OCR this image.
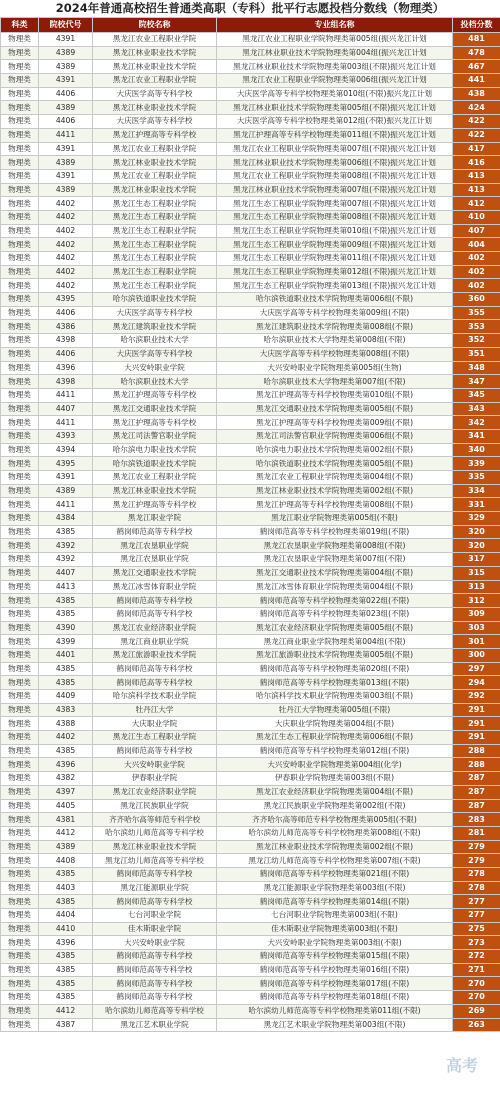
2024年普通高校招生普通类高职（专科）批平行志愿投档分数线（物理类）
科类	院校代号	院校名称	专业组名称	投档分数
物理类	4391	黑龙江农业工程职业学院	黑龙江农业工程职业学院物理类第005组(振兴龙江计划	481
物理类	4389	黑龙江林业职业技术学院	黑龙江林业职业技术学院物理类第004组(振兴龙江计划	478
物理类	4389	黑龙江林业职业技术学院	黑龙江林业职业技术学院物理类第003组(不限)振兴龙江计划	467
物理类	4391	黑龙江农业工程职业学院	黑龙江农业工程职业学院物理类第006组(振兴龙江计划	441
物理类	4406	大庆医学高等专科学校	大庆医学高等专科学校物理类第010组(不限)振兴龙江计划	438
物理类	4389	黑龙江林业职业技术学院	黑龙江林业职业技术学院物理类第005组(不限)振兴龙江计划	424
物理类	4406	大庆医学高等专科学校	大庆医学高等专科学校物理类第012组(不限)振兴龙江计划	422
物理类	4411	黑龙江护理高等专科学校	黑龙江护理高等专科学校物理类第011组(不限)振兴龙江计划	422
物理类	4391	黑龙江农业工程职业学院	黑龙江农业工程职业学院物理类第007组(不限)振兴龙江计划	417
物理类	4389	黑龙江林业职业技术学院	黑龙江林业职业技术学院物理类第006组(不限)振兴龙江计划	416
物理类	4391	黑龙江农业工程职业学院	黑龙江农业工程职业学院物理类第008组(不限)振兴龙江计划	413
物理类	4389	黑龙江林业职业技术学院	黑龙江林业职业技术学院物理类第007组(不限)振兴龙江计划	413
物理类	4402	黑龙江生态工程职业学院	黑龙江生态工程职业学院物理类第007组(不限)振兴龙江计划	412
物理类	4402	黑龙江生态工程职业学院	黑龙江生态工程职业学院物理类第008组(不限)振兴龙江计划	410
物理类	4402	黑龙江生态工程职业学院	黑龙江生态工程职业学院物理类第010组(不限)振兴龙江计划	407
物理类	4402	黑龙江生态工程职业学院	黑龙江生态工程职业学院物理类第009组(不限)振兴龙江计划	404
物理类	4402	黑龙江生态工程职业学院	黑龙江生态工程职业学院物理类第011组(不限)振兴龙江计划	402
物理类	4402	黑龙江生态工程职业学院	黑龙江生态工程职业学院物理类第012组(不限)振兴龙江计划	402
物理类	4402	黑龙江生态工程职业学院	黑龙江生态工程职业学院物理类第013组(不限)振兴龙江计划	402
物理类	4395	哈尔滨铁道职业技术学院	哈尔滨铁道职业技术学院物理类第006组(不限)	360
物理类	4406	大庆医学高等专科学校	大庆医学高等专科学校物理类第009组(不限)	355
物理类	4386	黑龙江建筑职业技术学院	黑龙江建筑职业技术学院物理类第008组(不限)	353
物理类	4398	哈尔滨职业技术大学	哈尔滨职业技术大学物理类第008组(不限)	352
物理类	4406	大庆医学高等专科学校	大庆医学高等专科学校物理类第008组(不限)	351
物理类	4396	大兴安岭职业学院	大兴安岭职业学院物理类第005组(生物)	348
物理类	4398	哈尔滨职业技术大学	哈尔滨职业技术大学物理类第007组(不限)	347
物理类	4411	黑龙江护理高等专科学校	黑龙江护理高等专科学校物理类第010组(不限)	345
物理类	4407	黑龙江交通职业技术学院	黑龙江交通职业技术学院物理类第005组(不限)	343
物理类	4411	黑龙江护理高等专科学校	黑龙江护理高等专科学校物理类第009组(不限)	342
物理类	4393	黑龙江司法警官职业学院	黑龙江司法警官职业学院物理类第006组(不限)	341
物理类	4394	哈尔滨电力职业技术学院	哈尔滨电力职业技术学院物理类第002组(不限)	340
物理类	4395	哈尔滨铁道职业技术学院	哈尔滨铁道职业技术学院物理类第005组(不限)	339
物理类	4391	黑龙江农业工程职业学院	黑龙江农业工程职业学院物理类第004组(不限)	335
物理类	4389	黑龙江林业职业技术学院	黑龙江林业职业技术学院物理类第002组(不限)	334
物理类	4411	黑龙江护理高等专科学校	黑龙江护理高等专科学校物理类第008组(不限)	331
物理类	4384	黑龙江职业学院	黑龙江职业学院物理类第005组(不限)	329
物理类	4385	鹤岗师范高等专科学校	鹤岗师范高等专科学校物理类第019组(不限)	320
物理类	4392	黑龙江农垦职业学院	黑龙江农垦职业学院物理类第008组(不限)	320
物理类	4392	黑龙江农垦职业学院	黑龙江农垦职业学院物理类第007组(不限)	317
物理类	4407	黑龙江交通职业技术学院	黑龙江交通职业技术学院物理类第004组(不限)	315
物理类	4413	黑龙江冰雪体育职业学院	黑龙江冰雪体育职业学院物理类第004组(不限)	313
物理类	4385	鹤岗师范高等专科学校	鹤岗师范高等专科学校物理类第022组(不限)	312
物理类	4385	鹤岗师范高等专科学校	鹤岗师范高等专科学校物理类第023组(不限)	309
物理类	4390	黑龙江农业经济职业学院	黑龙江农业经济职业学院物理类第005组(不限)	303
物理类	4399	黑龙江商业职业学院	黑龙江商业职业学院物理类第004组(不限)	301
物理类	4401	黑龙江旅游职业技术学院	黑龙江旅游职业技术学院物理类第005组(不限)	300
物理类	4385	鹤岗师范高等专科学校	鹤岗师范高等专科学校物理类第020组(不限)	297
物理类	4385	鹤岗师范高等专科学校	鹤岗师范高等专科学校物理类第013组(不限)	294
物理类	4409	哈尔滨科学技术职业学院	哈尔滨科学技术职业学院物理类第003组(不限)	292
物理类	4383	牡丹江大学	牡丹江大学物理类第005组(不限)	291
物理类	4388	大庆职业学院	大庆职业学院物理类第004组(不限)	291
物理类	4402	黑龙江生态工程职业学院	黑龙江生态工程职业学院物理类第006组(不限)	291
物理类	4385	鹤岗师范高等专科学校	鹤岗师范高等专科学校物理类第012组(不限)	288
物理类	4396	大兴安岭职业学院	大兴安岭职业学院物理类第004组(化学)	288
物理类	4382	伊春职业学院	伊春职业学院物理类第003组(不限)	287
物理类	4397	黑龙江农业经济职业学院	黑龙江农业经济职业学院物理类第004组(不限)	287
物理类	4405	黑龙江民族职业学院	黑龙江民族职业学院物理类第002组(不限)	287
物理类	4381	齐齐哈尔高等师范专科学校	齐齐哈尔高等师范专科学校物理类第005组(不限)	283
物理类	4412	哈尔滨幼儿师范高等专科学校	哈尔滨幼儿师范高等专科学校物理类第008组(不限)	281
物理类	4389	黑龙江林业职业技术学院	黑龙江林业职业技术学院物理类第002组(不限)	279
物理类	4408	黑龙江幼儿师范高等专科学校	黑龙江幼儿师范高等专科学校物理类第007组(不限)	279
物理类	4385	鹤岗师范高等专科学校	鹤岗师范高等专科学校物理类第021组(不限)	278
物理类	4403	黑龙江能源职业学院	黑龙江能源职业学院物理类第003组(不限)	278
物理类	4385	鹤岗师范高等专科学校	鹤岗师范高等专科学校物理类第014组(不限)	277
物理类	4404	七台河职业学院	七台河职业学院物理类第003组(不限)	277
物理类	4410	佳木斯职业学院	佳木斯职业学院物理类第003组(不限)	275
物理类	4396	大兴安岭职业学院	大兴安岭职业学院物理类第003组(不限)	273
物理类	4385	鹤岗师范高等专科学校	鹤岗师范高等专科学校物理类第015组(不限)	272
物理类	4385	鹤岗师范高等专科学校	鹤岗师范高等专科学校物理类第016组(不限)	271
物理类	4385	鹤岗师范高等专科学校	鹤岗师范高等专科学校物理类第017组(不限)	270
物理类	4385	鹤岗师范高等专科学校	鹤岗师范高等专科学校物理类第018组(不限)	270
物理类	4412	哈尔滨幼儿师范高等专科学校	哈尔滨幼儿师范高等专科学校物理类第011组(不限)	269
物理类	4387	黑龙江艺术职业学院	黑龙江艺术职业学院物理类第003组(不限)	263
高考
